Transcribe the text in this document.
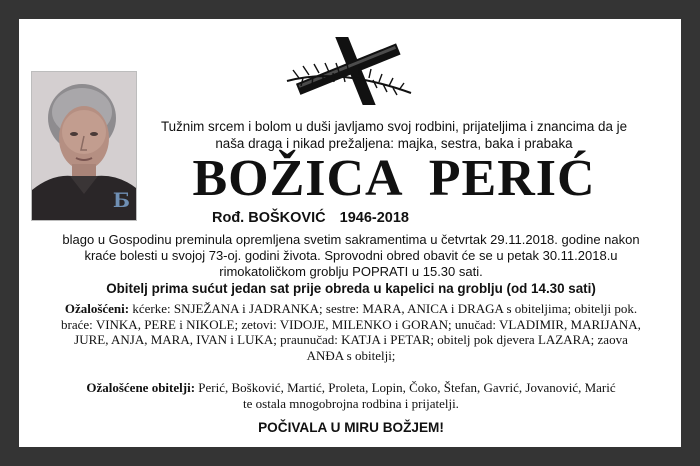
Б
Tužnim srcem i bolom u duši javljamo svoj rodbini, prijateljima i znancima da je
naša draga i nikad prežaljena: majka, sestra, baka i prabaka
BOŽICA PERIĆ
Rođ. BOŠKOVIĆ 1946-2018
blago u Gospodinu preminula opremljena svetim sakramentima u četvrtak 29.11.2018. godine nakon
kraće bolesti u svojoj 73-oj. godini života. Sprovodni obred obavit će se u petak 30.11.2018.u
rimokatoličkom groblju POPRATI u 15.30 sati.
Obitelj prima sućut jedan sat prije obreda u kapelici na groblju (od 14.30 sati)
Ožalošćeni: kćerke: SNJEŽANA i JADRANKA; sestre: MARA, ANICA i DRAGA s obiteljima; obitelji pok.
braće: VINKA, PERE i NIKOLE; zetovi: VIDOJE, MILENKO i GORAN; unučad: VLADIMIR, MARIJANA,
JURE, ANJA, MARA, IVAN i LUKA; praunučad: KATJA i PETAR; obitelj pok djevera LAZARA; zaova
ANĐA s obitelji;
Ožalošćene obitelji: Perić, Bošković, Martić, Proleta, Lopin, Čoko, Štefan, Gavrić, Jovanović, Marić
te ostala mnogobrojna rodbina i prijatelji.
POČIVALA U MIRU BOŽJEM!
